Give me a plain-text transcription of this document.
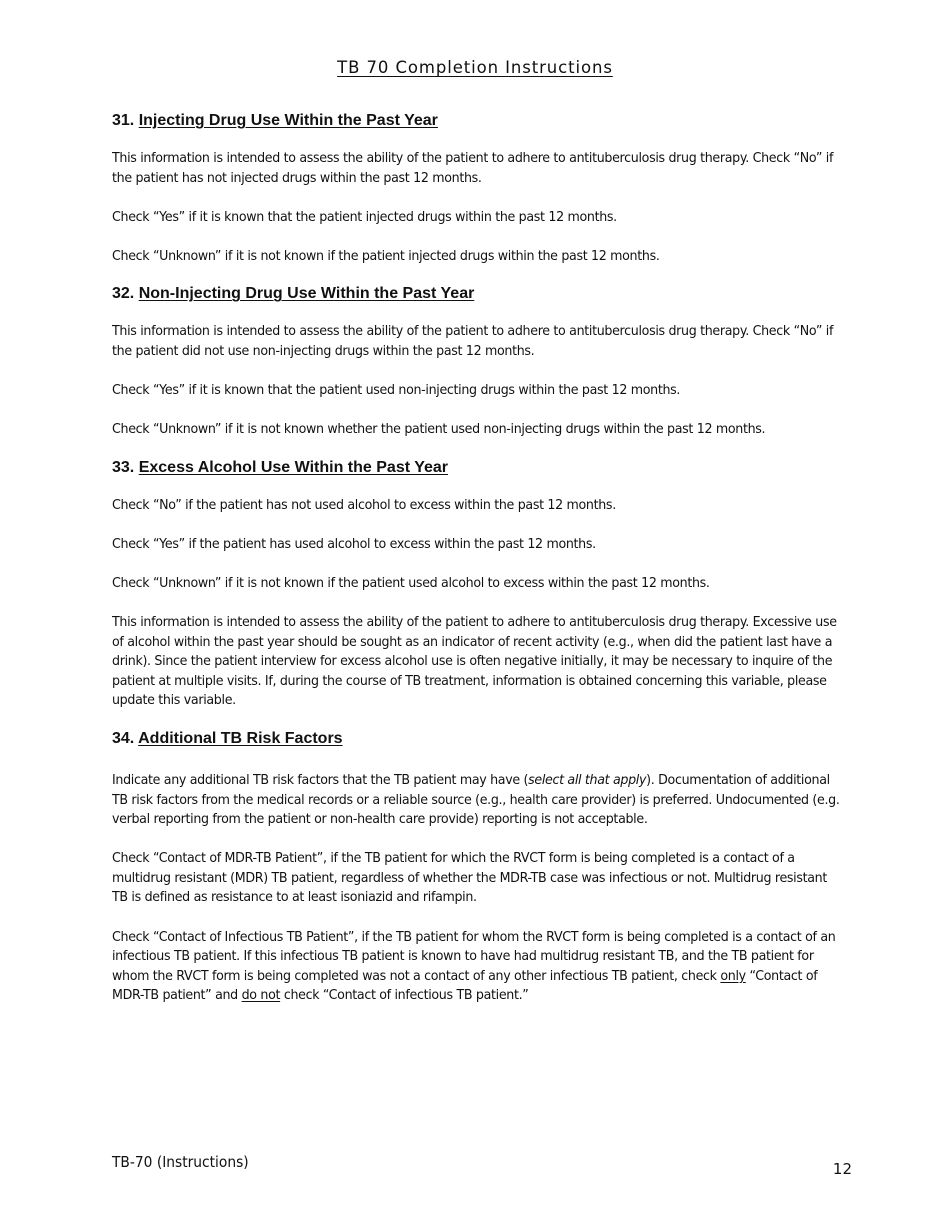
TB 70 Completion Instructions
31. Injecting Drug Use Within the Past Year
This information is intended to assess the ability of the patient to adhere to antituberculosis drug therapy. Check “No” if the patient has not injected drugs within the past 12 months.
Check “Yes” if it is known that the patient injected drugs within the past 12 months.
Check “Unknown” if it is not known if the patient injected drugs within the past 12 months.
32. Non-Injecting Drug Use Within the Past Year
This information is intended to assess the ability of the patient to adhere to antituberculosis drug therapy. Check “No” if the patient did not use non-injecting drugs within the past 12 months.
Check “Yes” if it is known that the patient used non-injecting drugs within the past 12 months.
Check “Unknown” if it is not known whether the patient used non-injecting drugs within the past 12 months.
33. Excess Alcohol Use Within the Past Year
Check “No” if the patient has not used alcohol to excess within the past 12 months.
Check “Yes” if the patient has used alcohol to excess within the past 12 months.
Check “Unknown” if it is not known if the patient used alcohol to excess within the past 12 months.
This information is intended to assess the ability of the patient to adhere to antituberculosis drug therapy. Excessive use of alcohol within the past year should be sought as an indicator of recent activity (e.g., when did the patient last have a drink). Since the patient interview for excess alcohol use is often negative initially, it may be necessary to inquire of the patient at multiple visits. If, during the course of TB treatment, information is obtained concerning this variable, please update this variable.
34. Additional TB Risk Factors
Indicate any additional TB risk factors that the TB patient may have (select all that apply). Documentation of additional TB risk factors from the medical records or a reliable source (e.g., health care provider) is preferred. Undocumented (e.g. verbal reporting from the patient or non-health care provide) reporting is not acceptable.
Check “Contact of MDR-TB Patient”, if the TB patient for which the RVCT form is being completed is a contact of a multidrug resistant (MDR) TB patient, regardless of whether the MDR-TB case was infectious or not. Multidrug resistant TB is defined as resistance to at least isoniazid and rifampin.
Check “Contact of Infectious TB Patient”, if the TB patient for whom the RVCT form is being completed is a contact of an infectious TB patient. If this infectious TB patient is known to have had multidrug resistant TB, and the TB patient for whom the RVCT form is being completed was not a contact of any other infectious TB patient, check only “Contact of MDR-TB patient” and do not check “Contact of infectious TB patient.”
TB-70 (Instructions)	12
